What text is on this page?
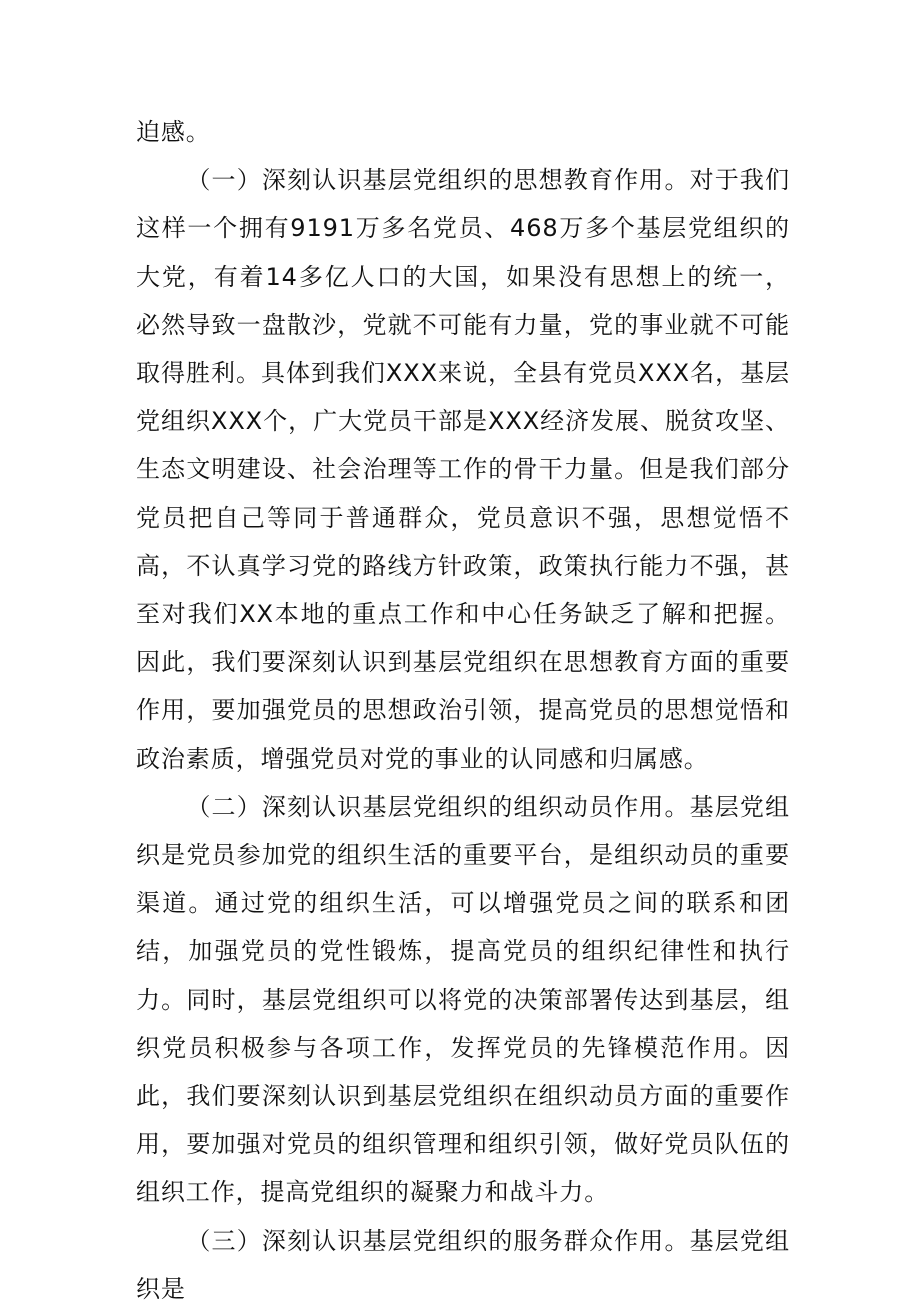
迫感。

（一）深刻认识基层党组织的思想教育作用。对于我们这样一个拥有9191万多名党员、468万多个基层党组织的大党，有着14多亿人口的大国，如果没有思想上的统一，必然导致一盘散沙，党就不可能有力量，党的事业就不可能取得胜利。具体到我们XXX来说，全县有党员XXX名，基层党组织XXX个，广大党员干部是XXX经济发展、脱贫攻坚、生态文明建设、社会治理等工作的骨干力量。但是我们部分党员把自己等同于普通群众，党员意识不强，思想觉悟不高，不认真学习党的路线方针政策，政策执行能力不强，甚至对我们XX本地的重点工作和中心任务缺乏了解和把握。因此，我们要深刻认识到基层党组织在思想教育方面的重要作用，要加强党员的思想政治引领，提高党员的思想觉悟和政治素质，增强党员对党的事业的认同感和归属感。

（二）深刻认识基层党组织的组织动员作用。基层党组织是党员参加党的组织生活的重要平台，是组织动员的重要渠道。通过党的组织生活，可以增强党员之间的联系和团结，加强党员的党性锻炼，提高党员的组织纪律性和执行力。同时，基层党组织可以将党的决策部署传达到基层，组织党员积极参与各项工作，发挥党员的先锋模范作用。因此，我们要深刻认识到基层党组织在组织动员方面的重要作用，要加强对党员的组织管理和组织引领，做好党员队伍的组织工作，提高党组织的凝聚力和战斗力。

（三）深刻认识基层党组织的服务群众作用。基层党组织是
